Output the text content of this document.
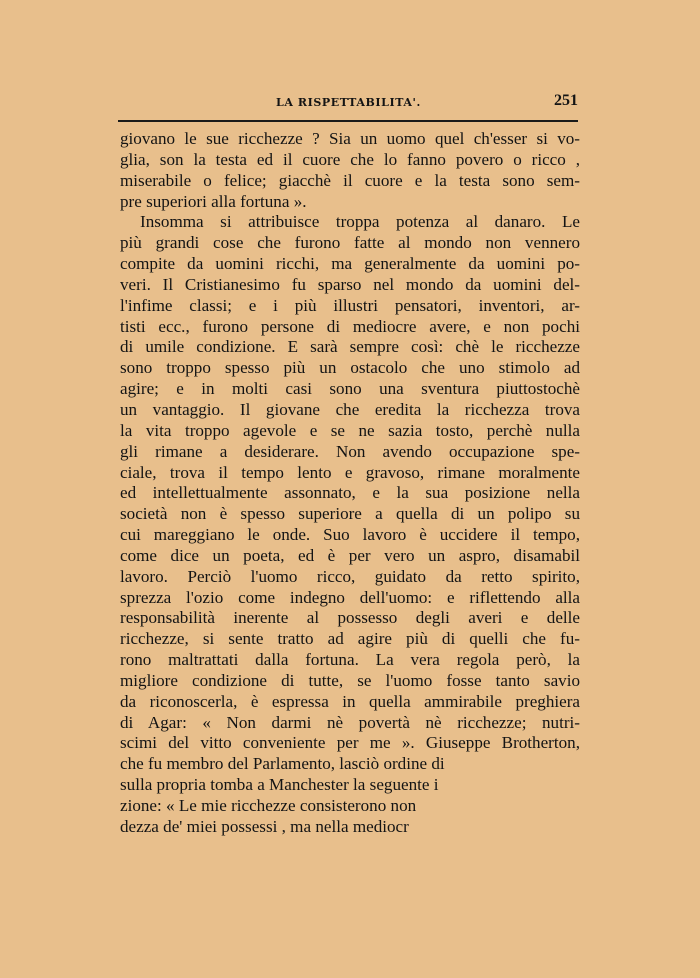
LA RISPETTABILITA'.	251
giovano le sue ricchezze ? Sia un uomo quel ch'esser si vo-
glia, son la testa ed il cuore che lo fanno povero o ricco ,
miserabile o felice; giacchè il cuore e la testa sono sem-
pre superiori alla fortuna ».
Insomma si attribuisce troppa potenza al danaro. Le
più grandi cose che furono fatte al mondo non vennero
compite da uomini ricchi, ma generalmente da uomini po-
veri. Il Cristianesimo fu sparso nel mondo da uomini del-
l'infime classi; e i più illustri pensatori, inventori, ar-
tisti ecc., furono persone di mediocre avere, e non pochi
di umile condizione. E sarà sempre così: chè le ricchezze
sono troppo spesso più un ostacolo che uno stimolo ad
agire; e in molti casi sono una sventura piuttostochè
un vantaggio. Il giovane che eredita la ricchezza trova
la vita troppo agevole e se ne sazia tosto, perchè nulla
gli rimane a desiderare. Non avendo occupazione spe-
ciale, trova il tempo lento e gravoso, rimane moralmente
ed intellettualmente assonnato, e la sua posizione nella
società non è spesso superiore a quella di un polipo su
cui mareggiano le onde. Suo lavoro è uccidere il tempo,
come dice un poeta, ed è per vero un aspro, disamabil
lavoro. Perciò l'uomo ricco, guidato da retto spirito,
sprezza l'ozio come indegno dell'uomo: e riflettendo alla
responsabilità inerente al possesso degli averi e delle
ricchezze, si sente tratto ad agire più di quelli che fu-
rono maltrattati dalla fortuna. La vera regola però, la
migliore condizione di tutte, se l'uomo fosse tanto savio
da riconoscerla, è espressa in quella ammirabile preghiera
di Agar: « Non darmi nè povertà nè ricchezze; nutri-
scimi del vitto conveniente per me ». Giuseppe Brotherton,
che fu membro del Parlamento, lasciò ordine di
sulla propria tomba a Manchester la seguente i
zione: « Le mie ricchezze consisterono non
dezza de' miei possessi , ma nella mediocr
